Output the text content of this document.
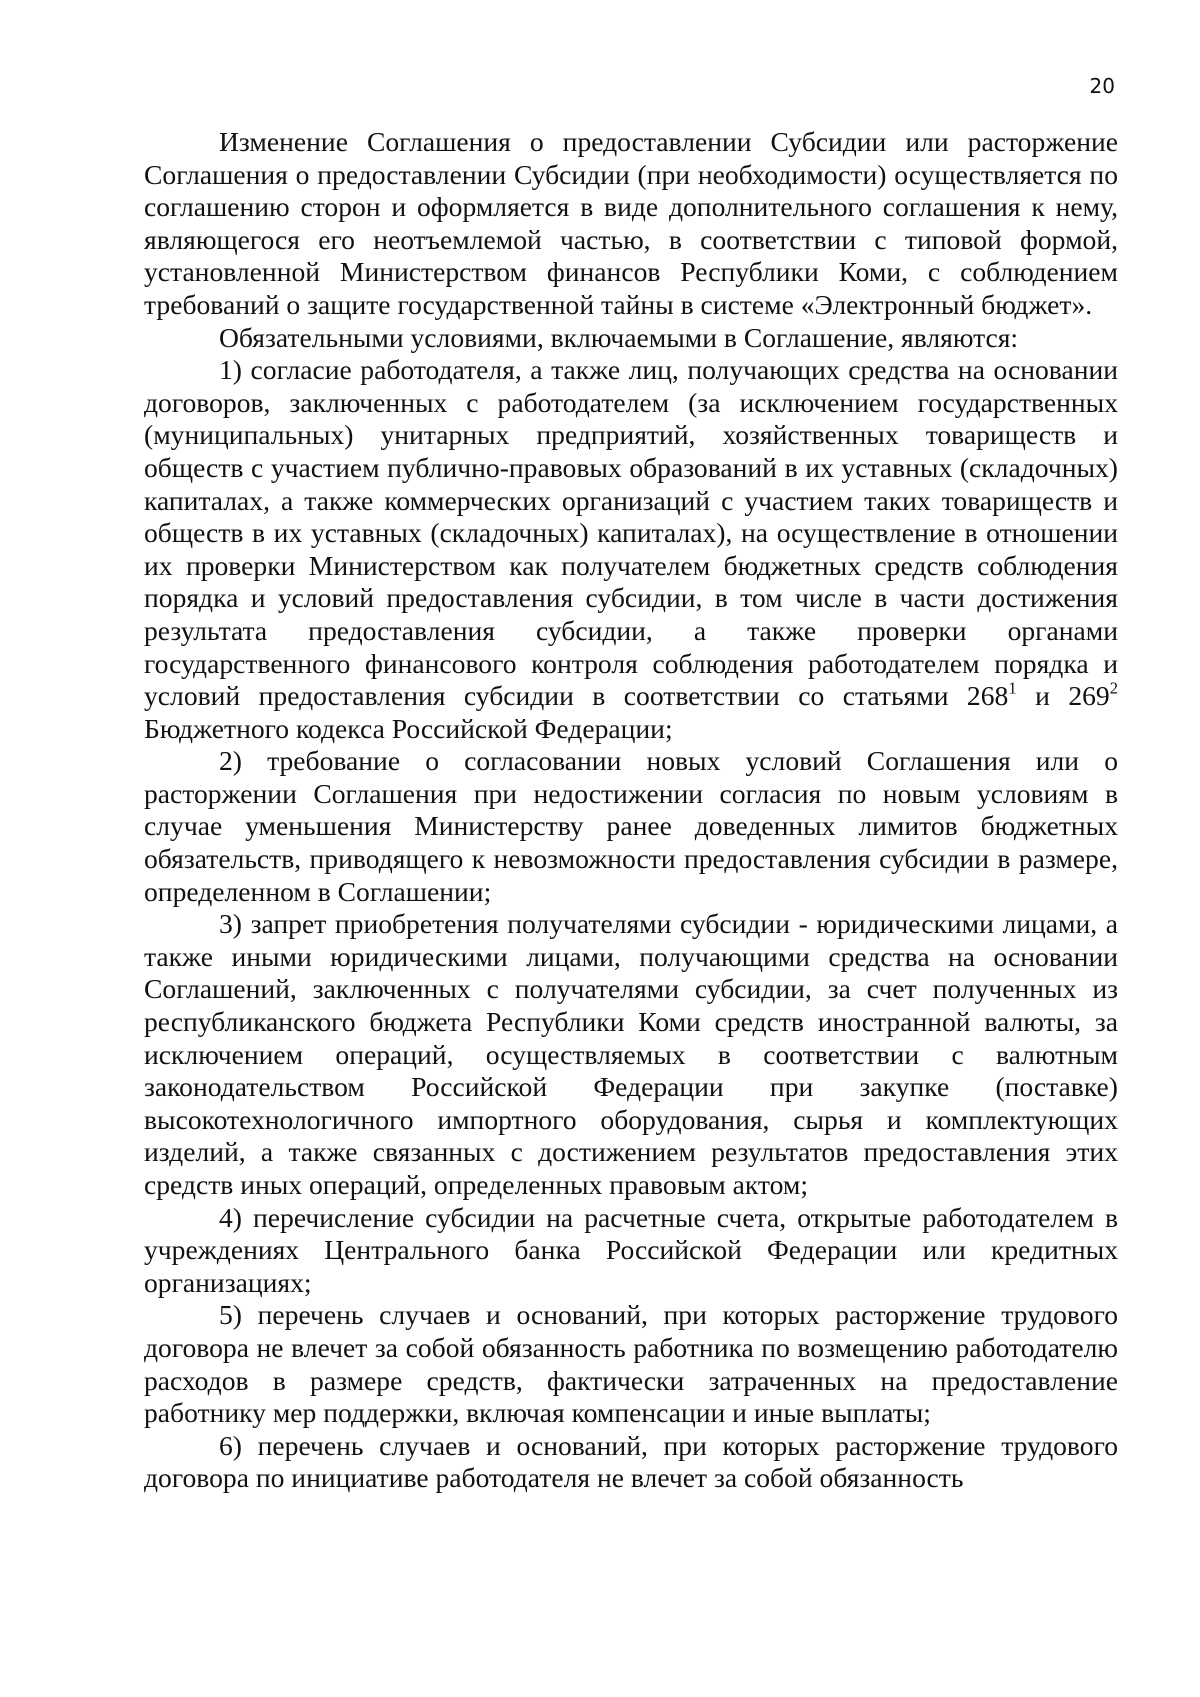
20

Изменение Соглашения о предоставлении Субсидии или расторжение Соглашения о предоставлении Субсидии (при необходимости) осуществляется по соглашению сторон и оформляется в виде дополнительного соглашения к нему, являющегося его неотъемлемой частью, в соответствии с типовой формой, установленной Министерством финансов Республики Коми, с соблюдением требований о защите государственной тайны в системе «Электронный бюджет».

Обязательными условиями, включаемыми в Соглашение, являются:

1) согласие работодателя, а также лиц, получающих средства на основании договоров, заключенных с работодателем (за исключением государственных (муниципальных) унитарных предприятий, хозяйственных товариществ и обществ с участием публично-правовых образований в их уставных (складочных) капиталах, а также коммерческих организаций с участием таких товариществ и обществ в их уставных (складочных) капиталах), на осуществление в отношении их проверки Министерством как получателем бюджетных средств соблюдения порядка и условий предоставления субсидии, в том числе в части достижения результата предоставления субсидии, а также проверки органами государственного финансового контроля соблюдения работодателем порядка и условий предоставления субсидии в соответствии со статьями $268^1$ и $269^2$ Бюджетного кодекса Российской Федерации;

2) требование о согласовании новых условий Соглашения или о расторжении Соглашения при недостижении согласия по новым условиям в случае уменьшения Министерству ранее доведенных лимитов бюджетных обязательств, приводящего к невозможности предоставления субсидии в размере, определенном в Соглашении;

3) запрет приобретения получателями субсидии - юридическими лицами, а также иными юридическими лицами, получающими средства на основании Соглашений, заключенных с получателями субсидии, за счет полученных из республиканского бюджета Республики Коми средств иностранной валюты, за исключением операций, осуществляемых в соответствии с валютным законодательством Российской Федерации при закупке (поставке) высокотехнологичного импортного оборудования, сырья и комплектующих изделий, а также связанных с достижением результатов предоставления этих средств иных операций, определенных правовым актом;

4) перечисление субсидии на расчетные счета, открытые работодателем в учреждениях Центрального банка Российской Федерации или кредитных организациях;

5) перечень случаев и оснований, при которых расторжение трудового договора не влечет за собой обязанность работника по возмещению работодателю расходов в размере средств, фактически затраченных на предоставление работнику мер поддержки, включая компенсации и иные выплаты;

6) перечень случаев и оснований, при которых расторжение трудового договора по инициативе работодателя не влечет за собой обязанность
